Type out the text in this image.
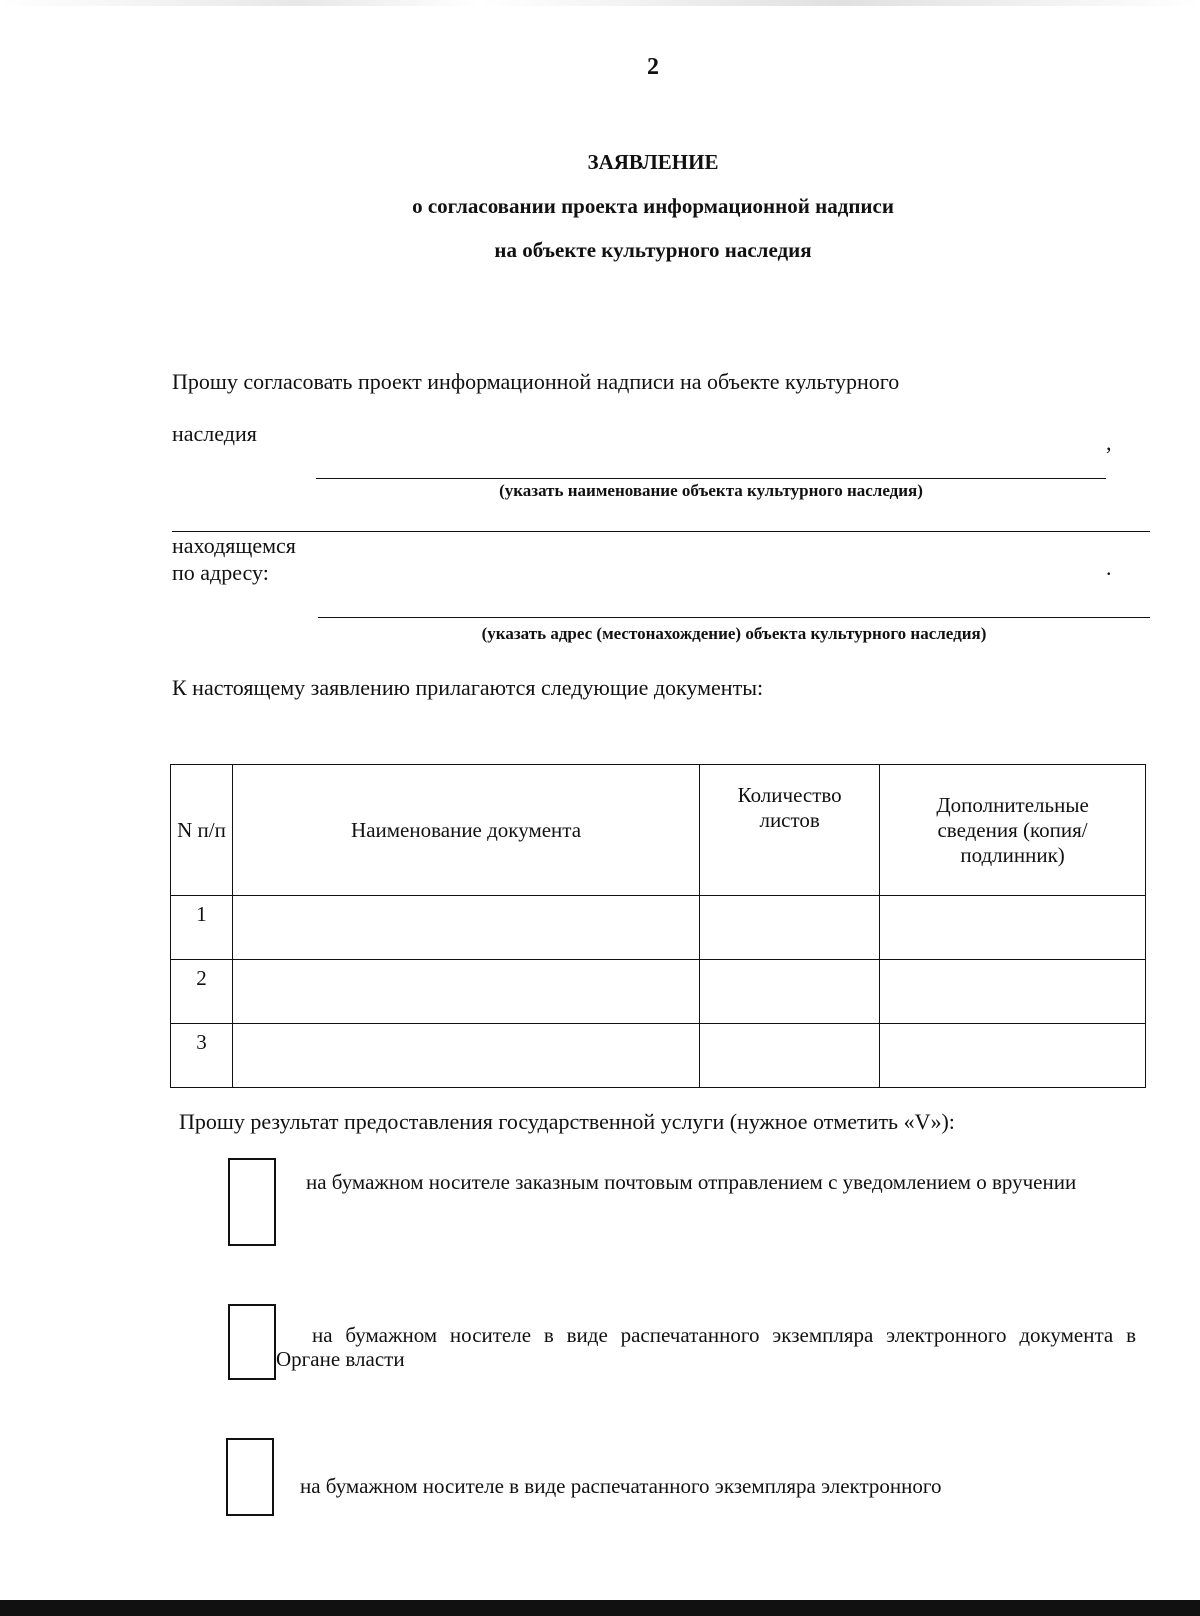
2
ЗАЯВЛЕНИЕ
о согласовании проекта информационной надписи
на объекте культурного наследия
Прошу согласовать проект информационной надписи на объекте культурного
наследия	,
(указать наименование объекта культурного наследия)
находящемся
по адресу:	.
(указать адрес (местонахождение) объекта культурного наследия)
К настоящему заявлению прилагаются следующие документы:
N п/п	Наименование документа	Количество листов	Дополнительные сведения (копия/подлинник)
1			
2			
3			
Прошу результат предоставления государственной услуги (нужное отметить «V»):
на бумажном носителе заказным почтовым отправлением с уведомлением о вручении
на бумажном носителе в виде распечатанного экземпляра электронного документа в Органе власти
на бумажном носителе в виде распечатанного экземпляра электронного
